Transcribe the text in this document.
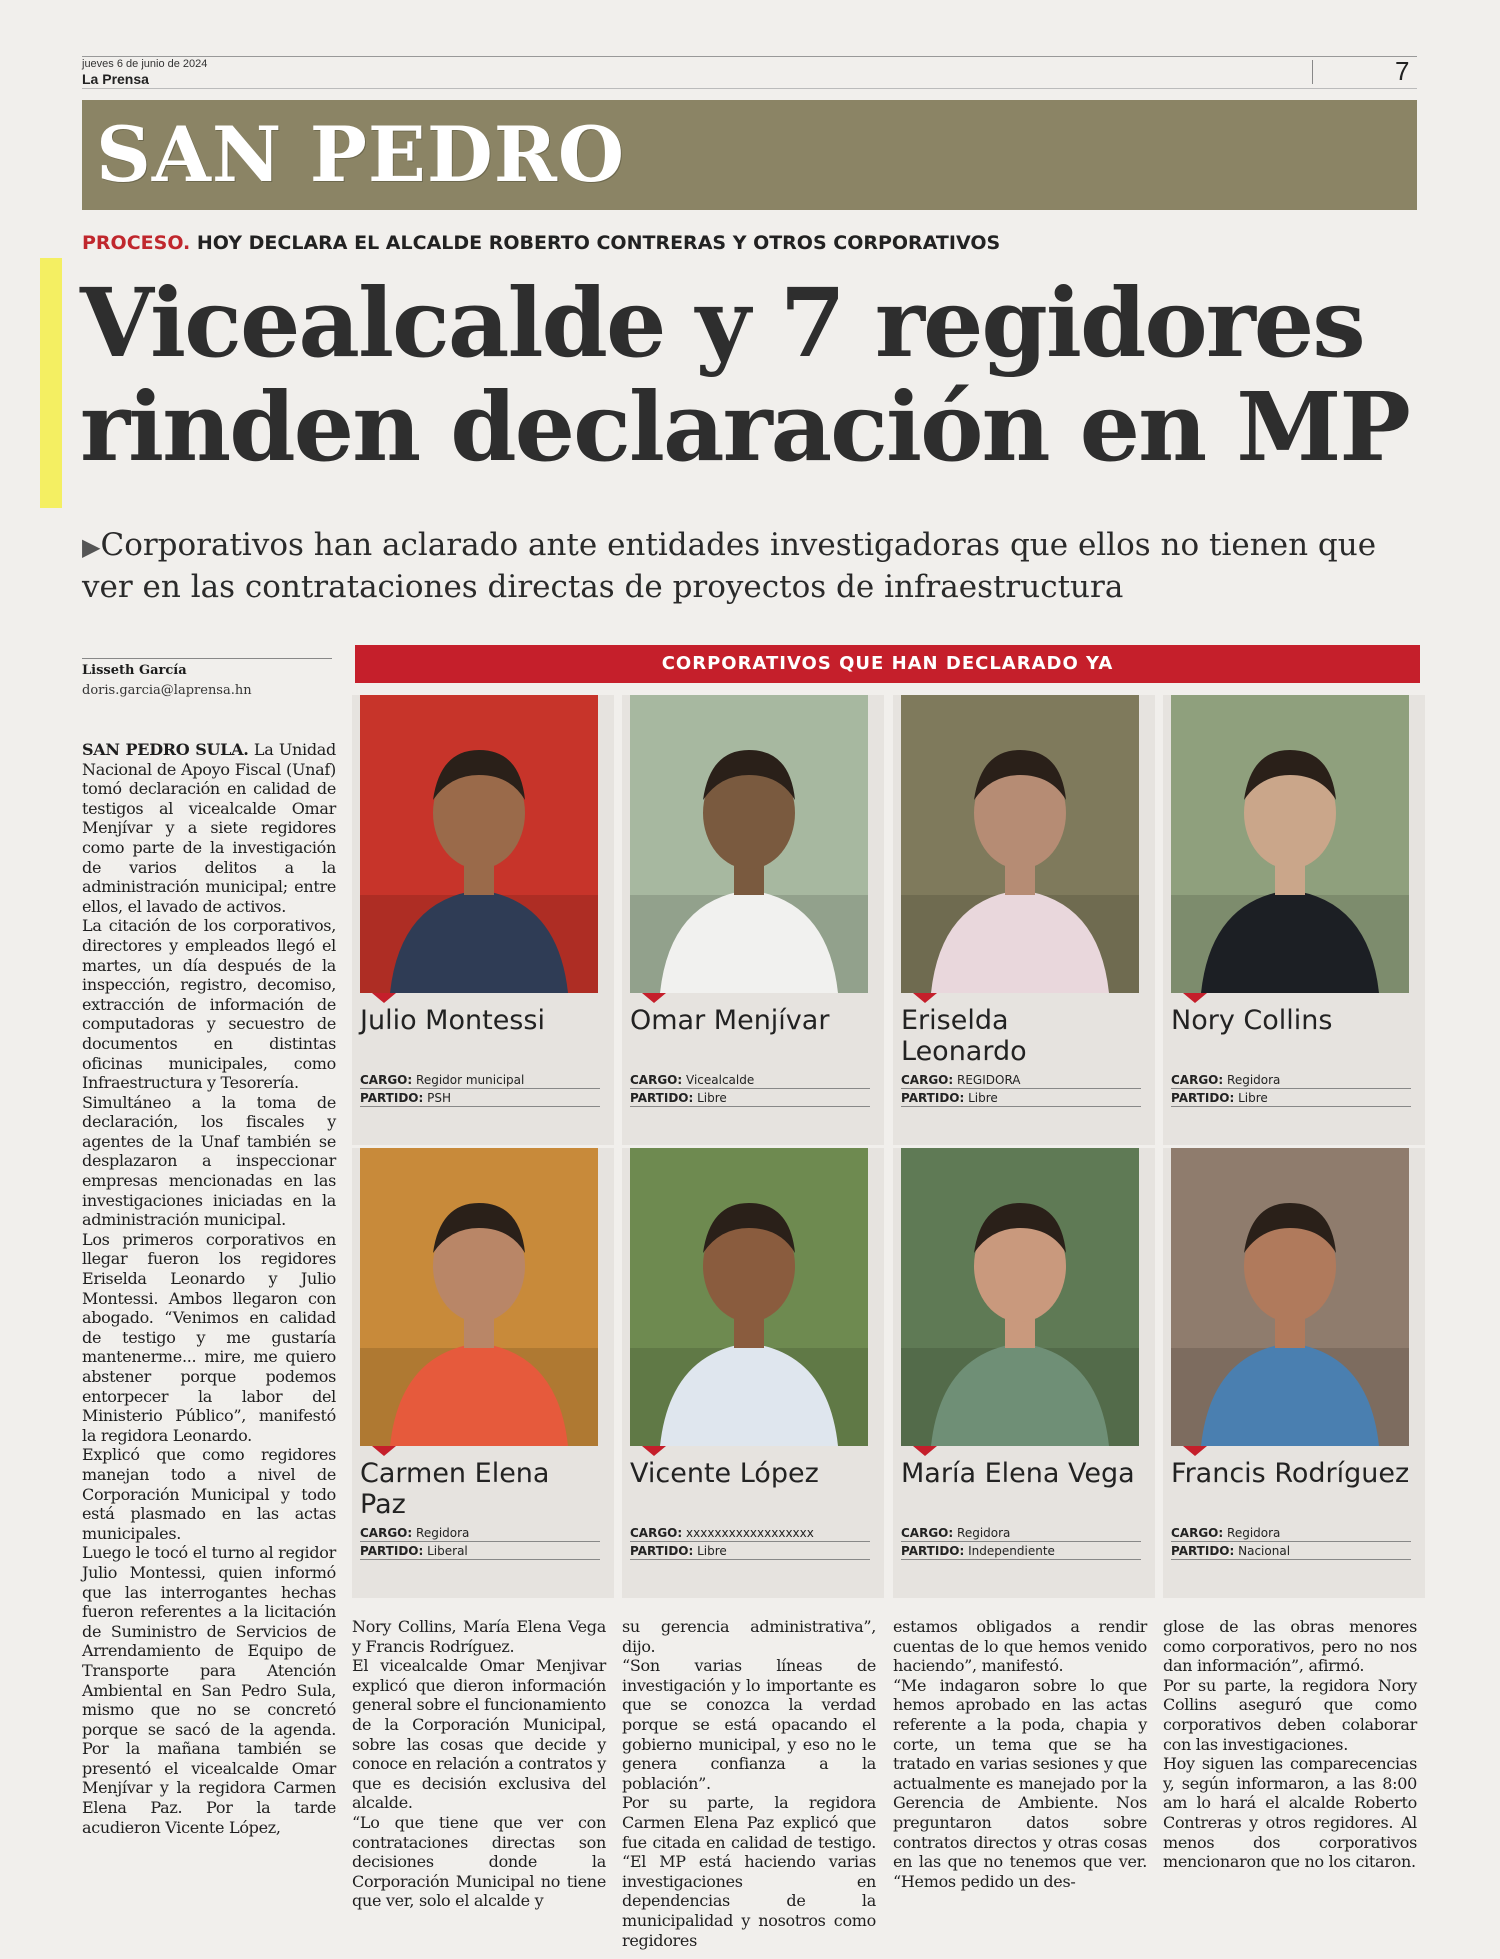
jueves 6 de junio de 2024
La Prensa	7
SAN PEDRO
PROCESO. HOY DECLARA EL ALCALDE ROBERTO CONTRERAS Y OTROS CORPORATIVOS
Vicealcalde y 7 regidores rinden declaración en MP
▶Corporativos han aclarado ante entidades investigadoras que ellos no tienen que ver en las contrataciones directas de proyectos de infraestructura
Lisseth García
doris.garcia@laprensa.hn

SAN PEDRO SULA. La Unidad Nacional de Apoyo Fiscal (Unaf) tomó declaración en calidad de testigos al vicealcalde Omar Menjívar y a siete regidores como parte de la investigación de varios delitos a la administración municipal; entre ellos, el lavado de activos.

La citación de los corporativos, directores y empleados llegó el martes, un día después de la inspección, registro, decomiso, extracción de información de computadoras y secuestro de documentos en distintas oficinas municipales, como Infraestructura y Tesorería.

Simultáneo a la toma de declaración, los fiscales y agentes de la Unaf también se desplazaron a inspeccionar empresas mencionadas en las investigaciones iniciadas en la administración municipal.

Los primeros corporativos en llegar fueron los regidores Eriselda Leonardo y Julio Montessi. Ambos llegaron con abogado. “Venimos en calidad de testigo y me gustaría mantenerme... mire, me quiero abstener porque podemos entorpecer la labor del Ministerio Público”, manifestó la regidora Leonardo.

Explicó que como regidores manejan todo a nivel de Corporación Municipal y todo está plasmado en las actas municipales.

Luego le tocó el turno al regidor Julio Montessi, quien informó que las interrogantes hechas fueron referentes a la licitación de Suministro de Servicios de Arrendamiento de Equipo de Transporte para Atención Ambiental en San Pedro Sula, mismo que no se concretó porque se sacó de la agenda. Por la mañana también se presentó el vicealcalde Omar Menjívar y la regidora Carmen Elena Paz. Por la tarde acudieron Vicente López,

CORPORATIVOS QUE HAN DECLARADO YA
Julio Montessi
CARGO: Regidor municipal
PARTIDO: PSH
Omar Menjívar
CARGO: Vicealcalde
PARTIDO: Libre
Eriselda Leonardo
CARGO: REGIDORA
PARTIDO: Libre
Nory Collins
CARGO: Regidora
PARTIDO: Libre
Carmen Elena Paz
CARGO: Regidora
PARTIDO: Liberal
Vicente López
CARGO: xxxxxxxxxxxxxxxxxx
PARTIDO: Libre
María Elena Vega
CARGO: Regidora
PARTIDO: Independiente
Francis Rodríguez
CARGO: Regidora
PARTIDO: Nacional

Nory Collins, María Elena Vega y Francis Rodríguez.

El vicealcalde Omar Menjivar explicó que dieron información general sobre el funcionamiento de la Corporación Municipal, sobre las cosas que decide y conoce en relación a contratos y que es decisión exclusiva del alcalde.

“Lo que tiene que ver con contrataciones directas son decisiones donde la Corporación Municipal no tiene que ver, solo el alcalde y

su gerencia administrativa”, dijo.

“Son varias líneas de investigación y lo importante es que se conozca la verdad porque se está opacando el gobierno municipal, y eso no le genera confianza a la población”.

Por su parte, la regidora Carmen Elena Paz explicó que fue citada en calidad de testigo. “El MP está haciendo varias investigaciones en dependencias de la municipalidad y nosotros como regidores

estamos obligados a rendir cuentas de lo que hemos venido haciendo”, manifestó.

“Me indagaron sobre lo que hemos aprobado en las actas referente a la poda, chapia y corte, un tema que se ha tratado en varias sesiones y que actualmente es manejado por la Gerencia de Ambiente. Nos preguntaron datos sobre contratos directos y otras cosas en las que no tenemos que ver. “Hemos pedido un des-

glose de las obras menores como corporativos, pero no nos dan información”, afirmó.

Por su parte, la regidora Nory Collins aseguró que como corporativos deben colaborar con las investigaciones.

Hoy siguen las comparecencias y, según informaron, a las 8:00 am lo hará el alcalde Roberto Contreras y otros regidores. Al menos dos corporativos mencionaron que no los citaron.
